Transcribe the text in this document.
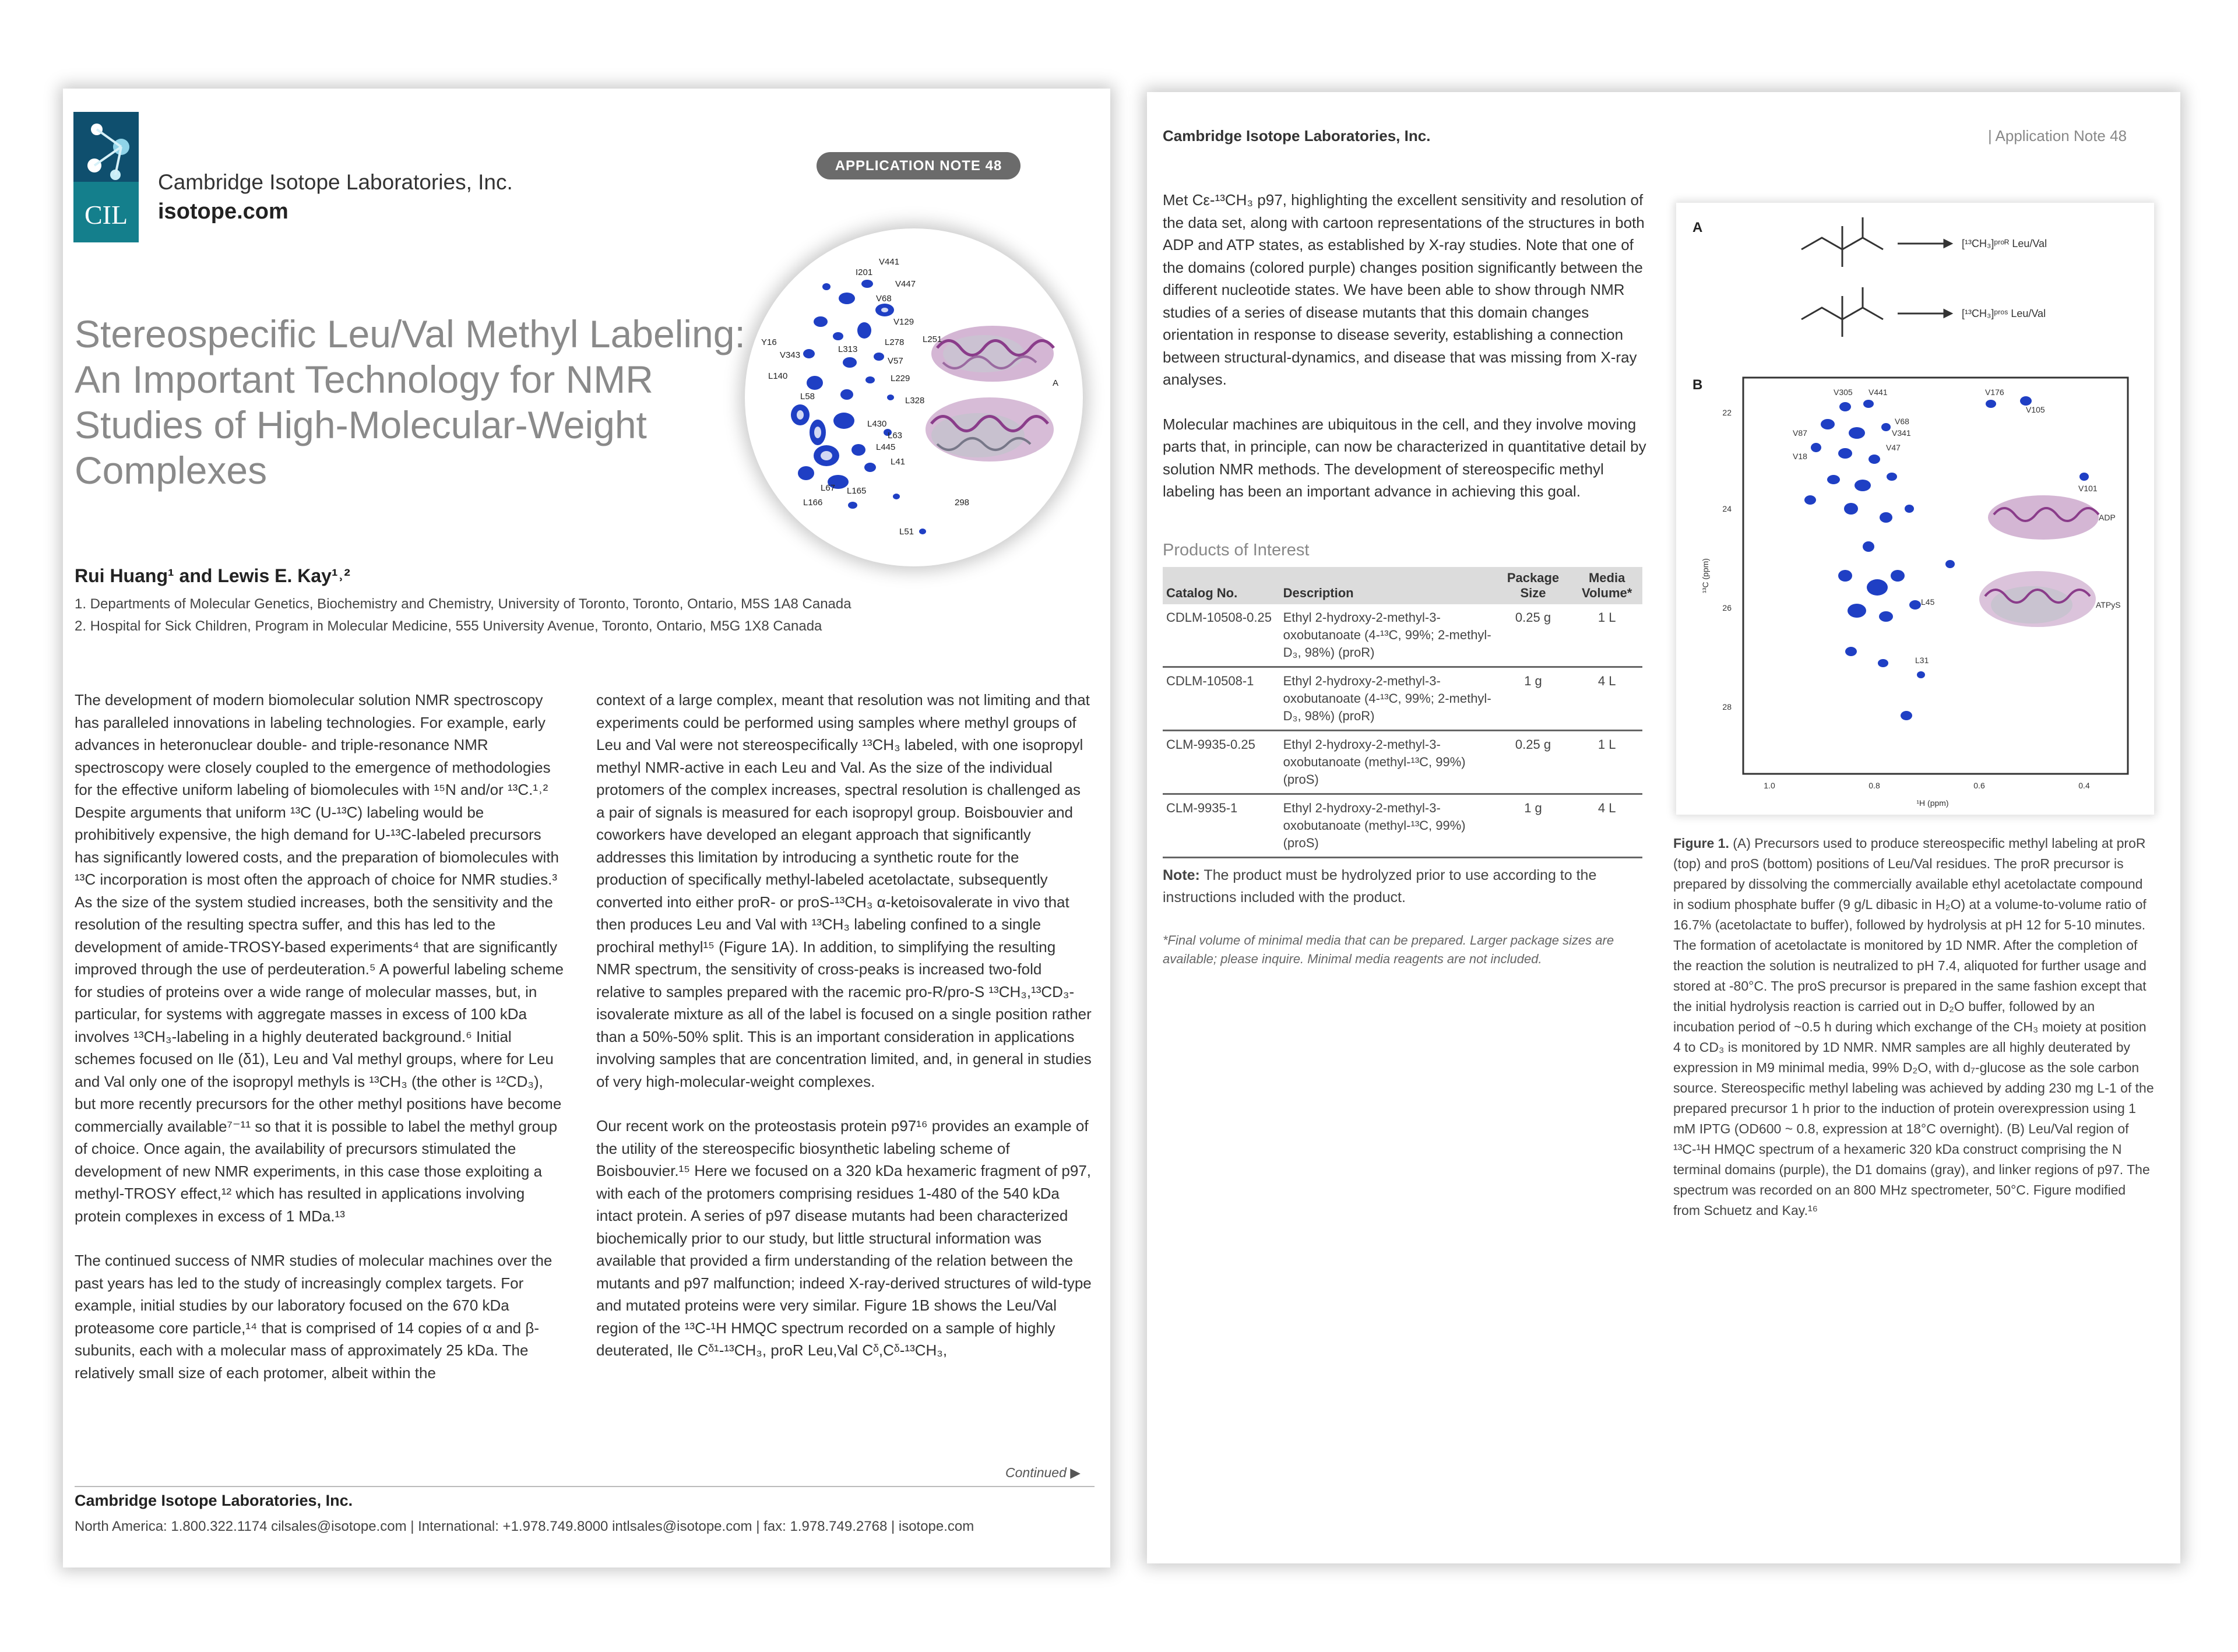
CIL
Cambridge Isotope Laboratories, Inc.
isotope.com
APPLICATION NOTE 48
Stereospecific Leu/Val Methyl Labeling:
An Important Technology for NMR
Studies of High-Molecular-Weight
Complexes
V441
I201
V447
V68
V129
L251
L278
V57
L229
L140
L58	L328
L430
L445
L63
L41
L67 L165
L51
Y16
V343
L313
L166	298
A
Rui Huang¹ and Lewis E. Kay¹˒²
1. Departments of Molecular Genetics, Biochemistry and Chemistry, University of Toronto, Toronto, Ontario, M5S 1A8 Canada
2. Hospital for Sick Children, Program in Molecular Medicine, 555 University Avenue, Toronto, Ontario, M5G 1X8 Canada

The development of modern biomolecular solution NMR spectroscopy has paralleled innovations in labeling technologies. For example, early advances in heteronuclear double- and triple-resonance NMR spectroscopy were closely coupled to the emergence of methodologies for the effective uniform labeling of biomolecules with ¹⁵N and/or ¹³C.¹˒² Despite arguments that uniform ¹³C (U-¹³C) labeling would be prohibitively expensive, the high demand for U-¹³C-labeled precursors has significantly lowered costs, and the preparation of biomolecules with ¹³C incorporation is most often the approach of choice for NMR studies.³ As the size of the system studied increases, both the sensitivity and the resolution of the resulting spectra suffer, and this has led to the development of amide-TROSY-based experiments⁴ that are significantly improved through the use of perdeuteration.⁵ A powerful labeling scheme for studies of proteins over a wide range of molecular masses, but, in particular, for systems with aggregate masses in excess of 100 kDa involves ¹³CH₃-labeling in a highly deuterated background.⁶ Initial schemes focused on Ile (δ1), Leu and Val methyl groups, where for Leu and Val only one of the isopropyl methyls is ¹³CH₃ (the other is ¹²CD₃), but more recently precursors for the other methyl positions have become commercially available⁷⁻¹¹ so that it is possible to label the methyl group of choice. Once again, the availability of precursors stimulated the development of new NMR experiments, in this case those exploiting a methyl-TROSY effect,¹² which has resulted in applications involving protein complexes in excess of 1 MDa.¹³

The continued success of NMR studies of molecular machines over the past years has led to the study of increasingly complex targets. For example, initial studies by our laboratory focused on the 670 kDa proteasome core particle,¹⁴ that is comprised of 14 copies of α and β-subunits, each with a molecular mass of approximately 25 kDa. The relatively small size of each protomer, albeit within the

context of a large complex, meant that resolution was not limiting and that experiments could be performed using samples where methyl groups of Leu and Val were not stereospecifically ¹³CH₃ labeled, with one isopropyl methyl NMR-active in each Leu and Val. As the size of the individual protomers of the complex increases, spectral resolution is challenged as a pair of signals is measured for each isopropyl group. Boisbouvier and coworkers have developed an elegant approach that significantly addresses this limitation by introducing a synthetic route for the production of specifically methyl-labeled acetolactate, subsequently converted into either proR- or proS-¹³CH₃ α-ketoisovalerate in vivo that then produces Leu and Val with ¹³CH₃ labeling confined to a single prochiral methyl¹⁵ (Figure 1A). In addition, to simplifying the resulting NMR spectrum, the sensitivity of cross-peaks is increased two-fold relative to samples prepared with the racemic pro-R/pro-S ¹³CH₃,¹³CD₃-isovalerate mixture as all of the label is focused on a single position rather than a 50%-50% split. This is an important consideration in applications involving samples that are concentration limited, and, in general in studies of very high-molecular-weight complexes.

Our recent work on the proteostasis protein p97¹⁶ provides an example of the utility of the stereospecific biosynthetic labeling scheme of Boisbouvier.¹⁵ Here we focused on a 320 kDa hexameric fragment of p97, with each of the protomers comprising residues 1-480 of the 540 kDa intact protein. A series of p97 disease mutants had been characterized biochemically prior to our study, but little structural information was available that provided a firm understanding of the relation between the mutants and p97 malfunction; indeed X-ray-derived structures of wild-type and mutated proteins were very similar. Figure 1B shows the Leu/Val region of the ¹³C-¹H HMQC spectrum recorded on a sample of highly deuterated, Ile Cᵟ¹-¹³CH₃, proR Leu,Val Cᵟ,Cᵟ-¹³CH₃,

Continued ▶
Cambridge Isotope Laboratories, Inc.
North America: 1.800.322.1174 cilsales@isotope.com | International: +1.978.749.8000 intlsales@isotope.com | fax: 1.978.749.2768 | isotope.com
Cambridge Isotope Laboratories, Inc.	| Application Note 48

Met Cε-¹³CH₃ p97, highlighting the excellent sensitivity and resolution of the data set, along with cartoon representations of the structures in both ADP and ATP states, as established by X-ray studies. Note that one of the domains (colored purple) changes position significantly between the different nucleotide states. We have been able to show through NMR studies of a series of disease mutants that this domain changes orientation in response to disease severity, establishing a connection between structural-dynamics, and disease that was missing from X-ray analyses.

Molecular machines are ubiquitous in the cell, and they involve moving parts that, in principle, can now be characterized in quantitative detail by solution NMR methods. The development of stereospecific methyl labeling has been an important advance in achieving this goal.

Products of Interest
Catalog No.	Description	Package Size	Media Volume*
CDLM-10508-0.25	Ethyl 2-hydroxy-2-methyl-3-oxobutanoate (4-¹³C, 99%; 2-methyl-D₃, 98%) (proR)	0.25 g	1 L
CDLM-10508-1	Ethyl 2-hydroxy-2-methyl-3-oxobutanoate (4-¹³C, 99%; 2-methyl-D₃, 98%) (proR)	1 g	4 L
CLM-9935-0.25	Ethyl 2-hydroxy-2-methyl-3-oxobutanoate (methyl-¹³C, 99%) (proS)	0.25 g	1 L
CLM-9935-1	Ethyl 2-hydroxy-2-methyl-3-oxobutanoate (methyl-¹³C, 99%) (proS)	1 g	4 L
Note: The product must be hydrolyzed prior to use according to the instructions included with the product.
*Final volume of minimal media that can be prepared. Larger package sizes are available; please inquire. Minimal media reagents are not included.
A
B
[¹³CH₃]ᵖʳᵒᴿ Leu/Val
[¹³CH₃]ᵖʳᵒˢ Leu/Val
ADP
ATPyS
V305 V441	V176
V105
V101
V68
V341
V87
V18
V47
L45
L31
22
24
26
28
1.0	0.8	0.6	0.4
¹H (ppm)
¹³C (ppm)
Figure 1. (A) Precursors used to produce stereospecific methyl labeling at proR (top) and proS (bottom) positions of Leu/Val residues. The proR precursor is prepared by dissolving the commercially available ethyl acetolactate compound in sodium phosphate buffer (9 g/L dibasic in H₂O) at a volume-to-volume ratio of 16.7% (acetolactate to buffer), followed by hydrolysis at pH 12 for 5-10 minutes. The formation of acetolactate is monitored by 1D NMR. After the completion of the reaction the solution is neutralized to pH 7.4, aliquoted for further usage and stored at -80°C. The proS precursor is prepared in the same fashion except that the initial hydrolysis reaction is carried out in D₂O buffer, followed by an incubation period of ~0.5 h during which exchange of the CH₃ moiety at position 4 to CD₃ is monitored by 1D NMR. NMR samples are all highly deuterated by expression in M9 minimal media, 99% D₂O, with d₇-glucose as the sole carbon source. Stereospecific methyl labeling was achieved by adding 230 mg L-1 of the prepared precursor 1 h prior to the induction of protein overexpression using 1 mM IPTG (OD600 ~ 0.8, expression at 18°C overnight). (B) Leu/Val region of ¹³C-¹H HMQC spectrum of a hexameric 320 kDa construct comprising the N terminal domains (purple), the D1 domains (gray), and linker regions of p97. The spectrum was recorded on an 800 MHz spectrometer, 50°C. Figure modified from Schuetz and Kay.¹⁶
